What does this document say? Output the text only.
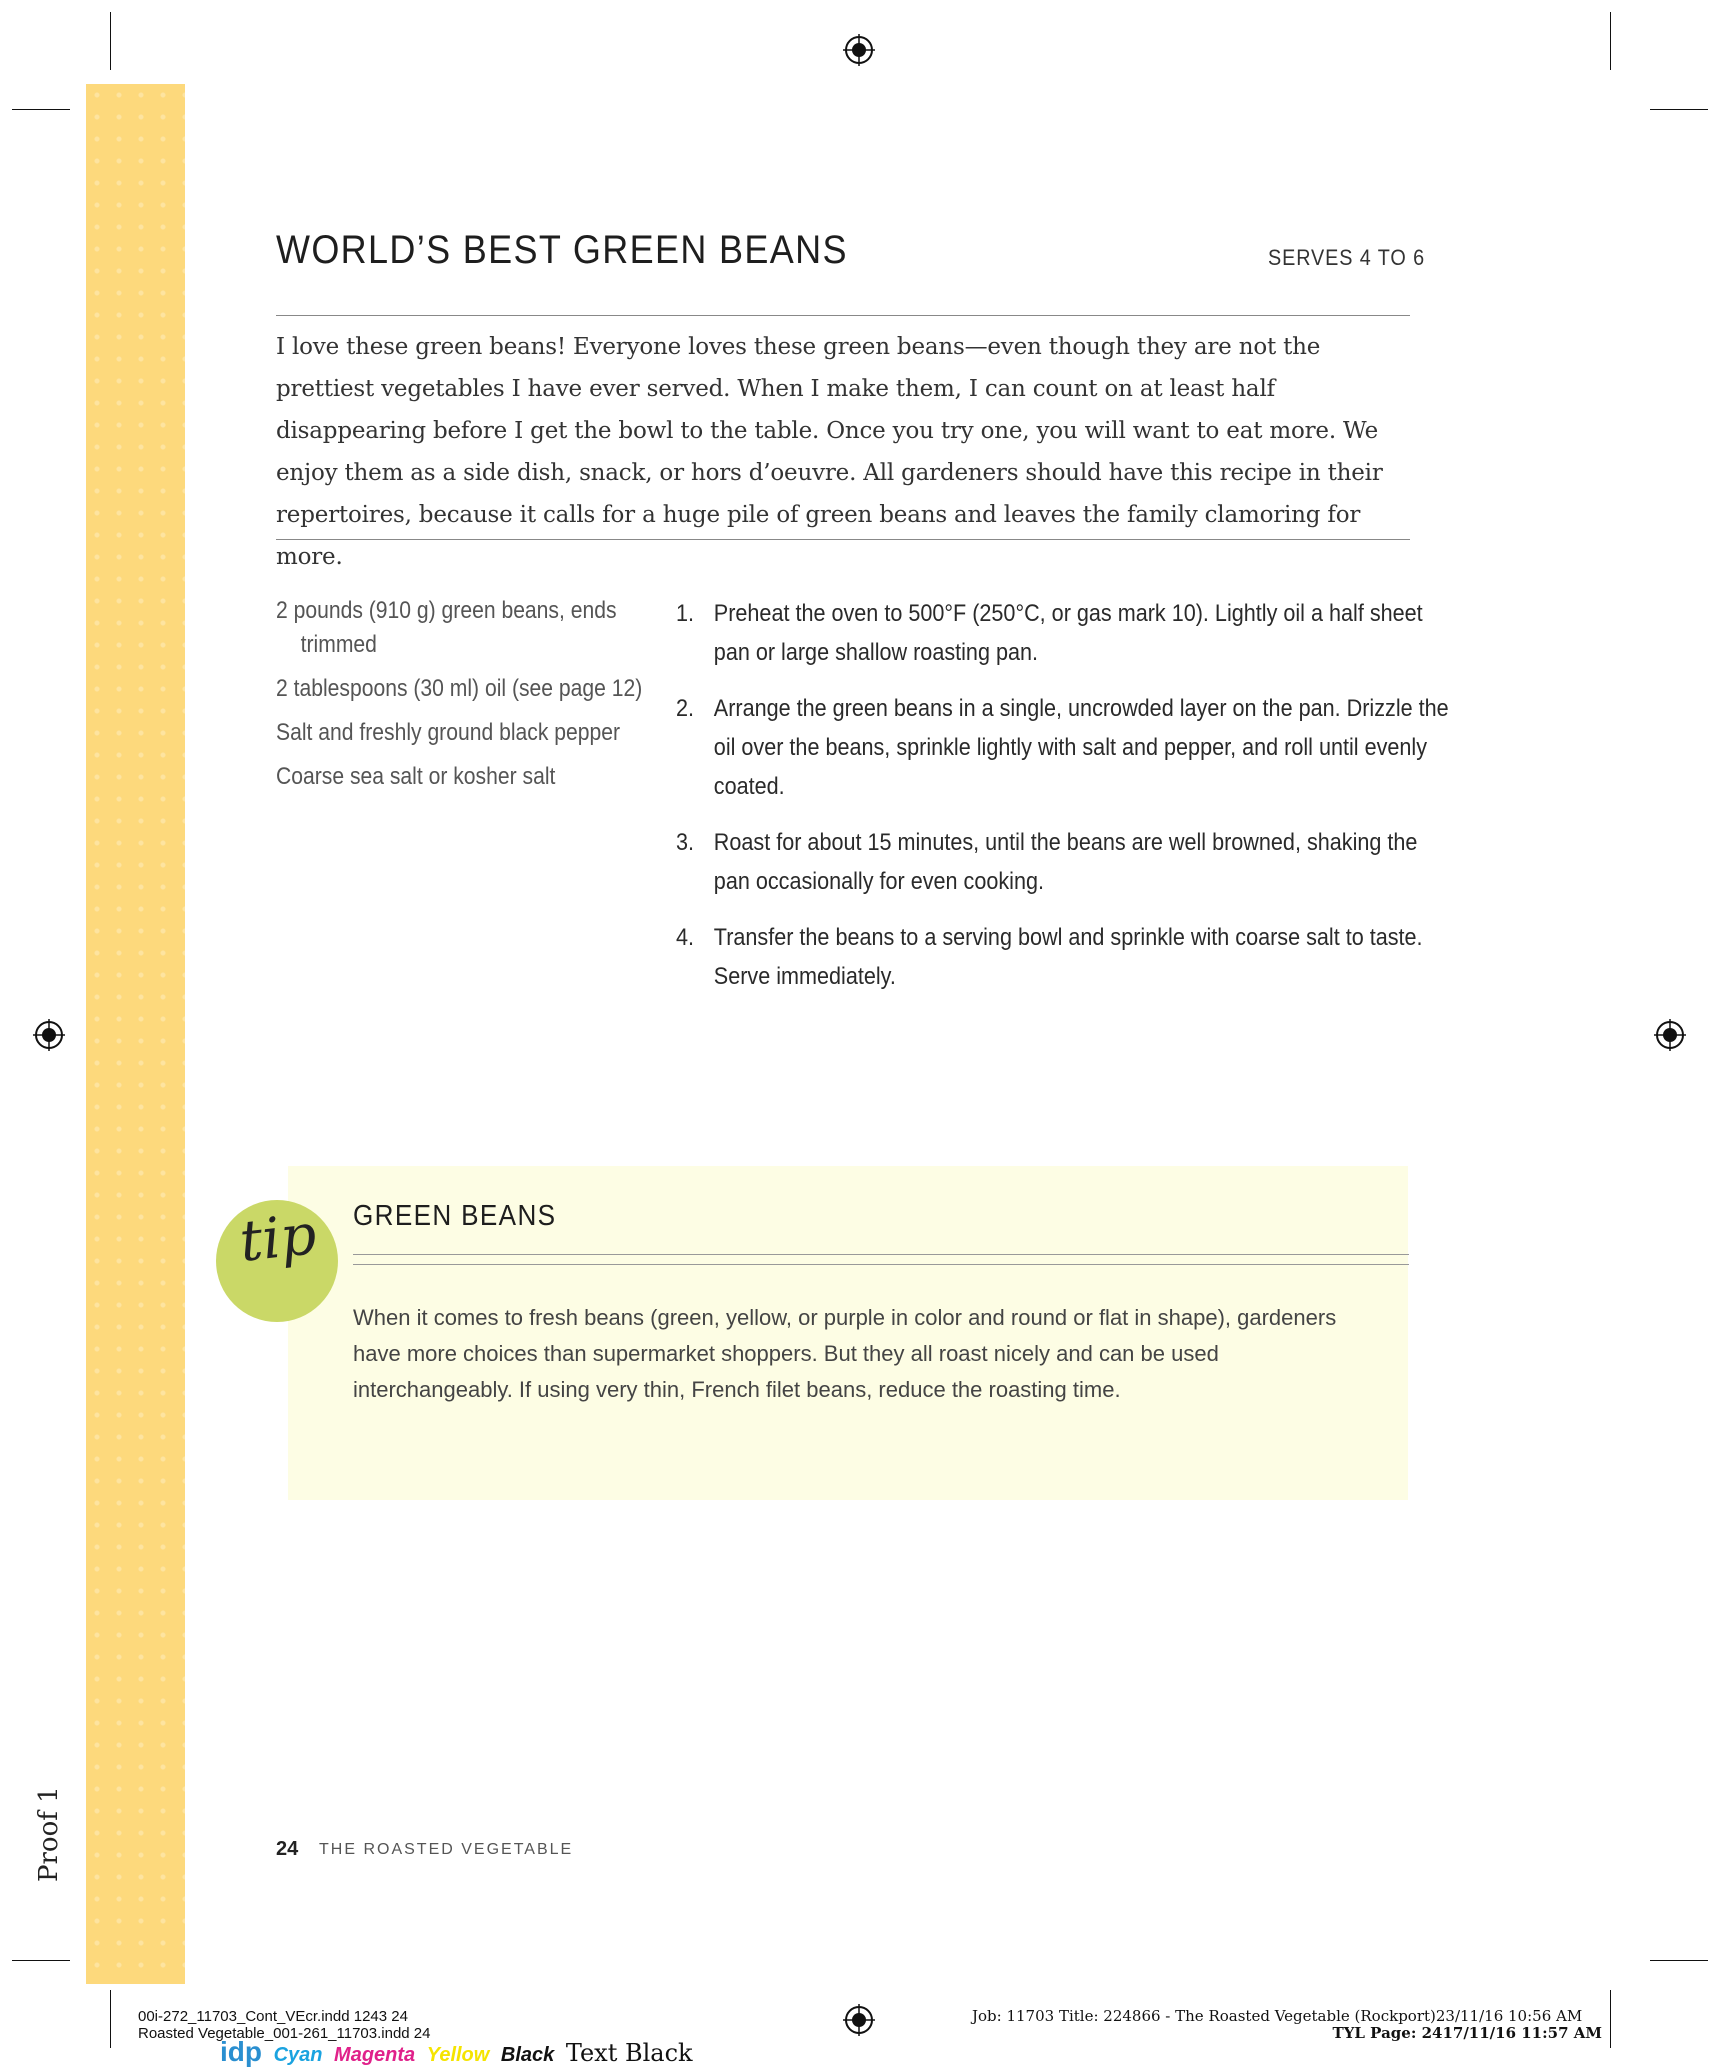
Proof 1
WORLD’S BEST GREEN BEANS	SERVES 4 TO 6

I love these green beans! Everyone loves these green beans—even though they are not the prettiest vegetables I have ever served. When I make them, I can count on at least half disappearing before I get the bowl to the table. Once you try one, you will want to eat more. We enjoy them as a side dish, snack, or hors d’oeuvre. All gardeners should have this recipe in their repertoires, because it calls for a huge pile of green beans and leaves the family clamoring for more.

2 pounds (910 g) green beans, ends trimmed
2 tablespoons (30 ml) oil (see page 12)
Salt and freshly ground black pepper
Coarse sea salt or kosher salt
1. Preheat the oven to 500°F (250°C, or gas mark 10). Lightly oil a half sheet pan or large shallow roasting pan.
2. Arrange the green beans in a single, uncrowded layer on the pan. Drizzle the oil over the beans, sprinkle lightly with salt and pepper, and roll until evenly coated.
3. Roast for about 15 minutes, until the beans are well browned, shaking the pan occasionally for even cooking.
4. Transfer the beans to a serving bowl and sprinkle with coarse salt to taste. Serve immediately.
tip	GREEN BEANS

When it comes to fresh beans (green, yellow, or purple in color and round or flat in shape), gardeners have more choices than supermarket shoppers. But they all roast nicely and can be used interchangeably. If using very thin, French filet beans, reduce the roasting time.

24 THE ROASTED VEGETABLE
00i-272_11703_Cont_VEcr.indd 1243 24
Roasted Vegetable_001-261_11703.indd 24
Job: 11703 Title: 224866 - The Roasted Vegetable (Rockport)23/11/16 10:56 AM
TYL Page: 2417/11/16 11:57 AM
idp Cyan Magenta Yellow Black Text Black
